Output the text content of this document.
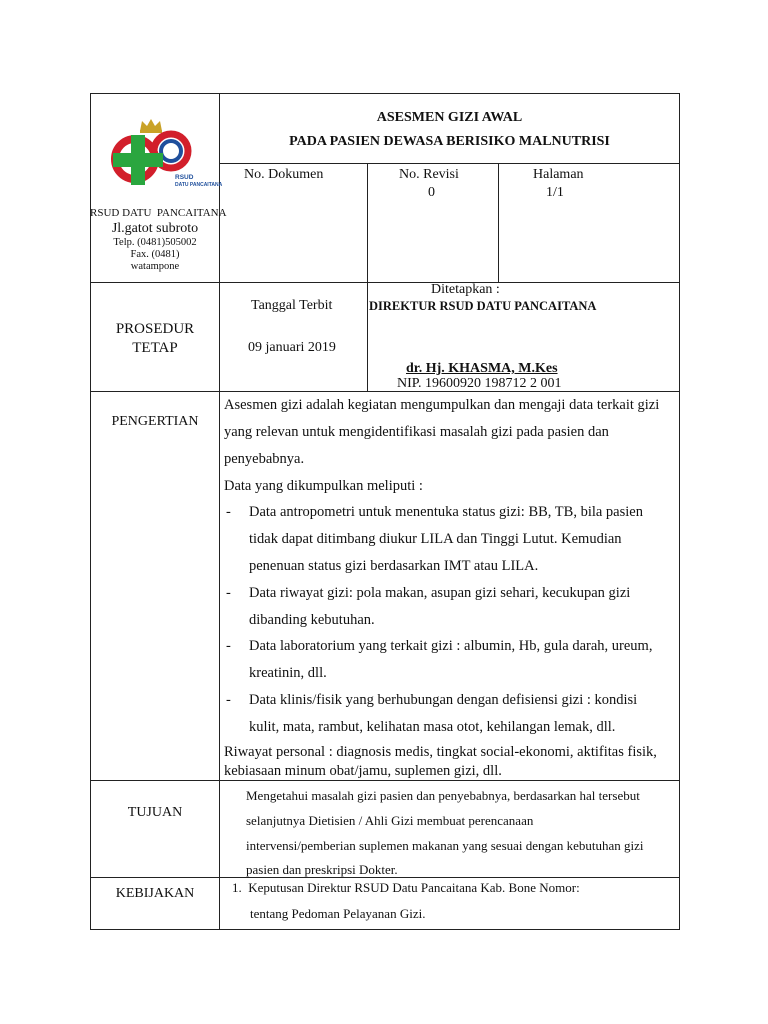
RSUD
DATU PANCAITANA
RSUD DATU  PANCAITANA
Jl.gatot subroto
Telp. (0481)505002
Fax. (0481)
watampone
ASESMEN GIZI AWAL
PADA PASIEN DEWASA BERISIKO MALNUTRISI
No. Dokumen	No. Revisi
0
Halaman
1/1
PROSEDUR
TETAP
Tanggal Terbit
09 januari 2019
Ditetapkan :
DIREKTUR RSUD DATU PANCAITANA
dr. Hj. KHASMA, M.Kes
NIP. 19600920 198712 2 001
PENGERTIAN
Asesmen gizi adalah kegiatan mengumpulkan dan mengaji data terkait gizi
yang relevan untuk mengidentifikasi masalah gizi pada pasien dan
penyebabnya.
Data yang dikumpulkan meliputi :
- Data antropometri untuk menentuka status gizi: BB, TB, bila pasien
tidak dapat ditimbang diukur LILA dan Tinggi Lutut. Kemudian
penenuan status gizi berdasarkan IMT atau LILA.
- Data riwayat gizi: pola makan, asupan gizi sehari, kecukupan gizi
dibanding kebutuhan.
- Data laboratorium yang terkait gizi : albumin, Hb, gula darah, ureum,
kreatinin, dll.
- Data klinis/fisik yang berhubungan dengan defisiensi gizi : kondisi
kulit, mata, rambut, kelihatan masa otot, kehilangan lemak, dll.
Riwayat personal : diagnosis medis, tingkat social-ekonomi, aktifitas fisik,
kebiasaan minum obat/jamu, suplemen gizi, dll.
TUJUAN
Mengetahui masalah gizi pasien dan penyebabnya, berdasarkan hal tersebut
selanjutnya Dietisien / Ahli Gizi membuat perencanaan
intervensi/pemberian suplemen makanan yang sesuai dengan kebutuhan gizi
pasien dan preskripsi Dokter.
KEBIJAKAN	1.  Keputusan Direktur RSUD Datu Pancaitana Kab. Bone Nomor:
tentang Pedoman Pelayanan Gizi.
